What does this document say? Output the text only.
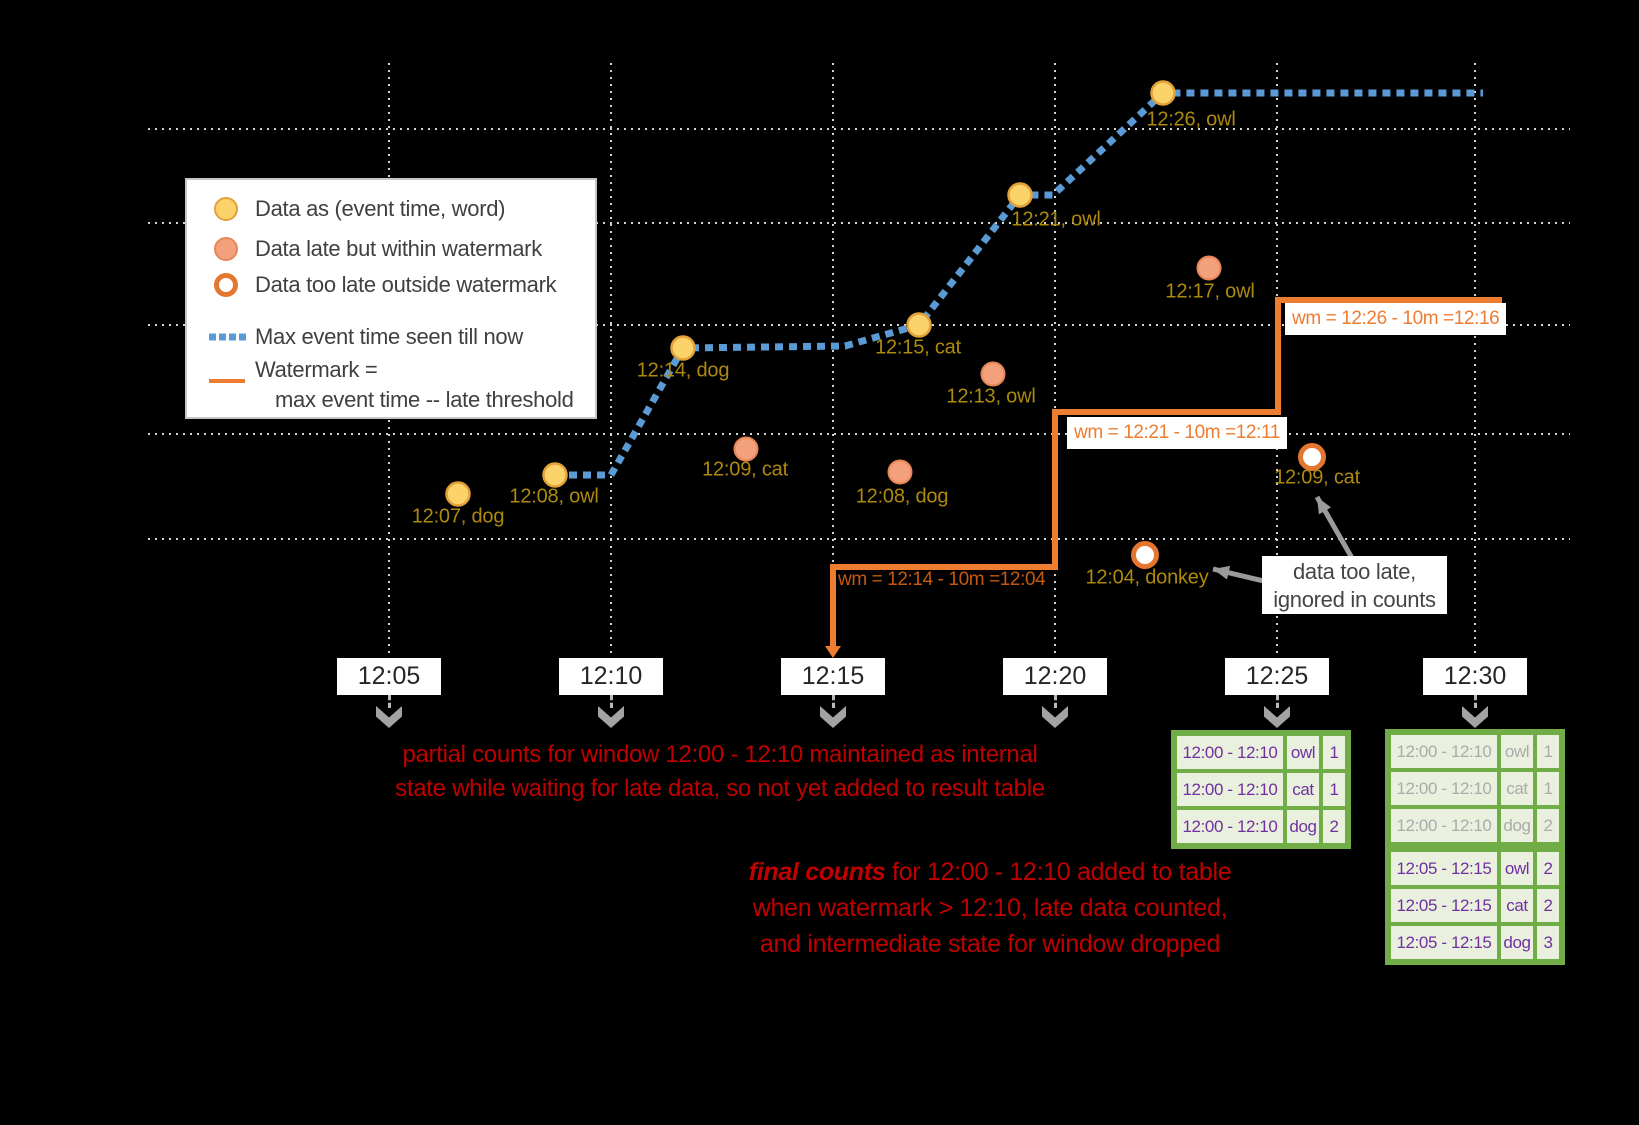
12:07, dog
12:08, owl
12:14, dog
12:15, cat
12:21, owl
12:26, owl
12:09, cat
12:08, dog
12:13, owl
12:17, owl
12:04, donkey
12:09, cat
Data as (event time, word)
Data late but within watermark
Data too late outside watermark
Max event time seen till now
Watermark =
max event time -- late threshold
wm = 12:14 - 10m =12:04
wm = 12:21 - 10m =12:11
wm = 12:26 - 10m =12:16
data too late,
ignored in counts
12:05	12:10	12:15	12:20	12:25	12:30
partial counts for window 12:00 - 12:10 maintained as internal
state while waiting for late data, so not yet added to result table
final counts for 12:00 - 12:10 added to table
when watermark > 12:10, late data counted,
and intermediate state for window dropped
12:00 - 12:10 owl 1
12:00 - 12:10 cat 1
12:00 - 12:10 dog 2
12:00 - 12:10 owl 1
12:00 - 12:10 cat 1
12:00 - 12:10 dog 2
12:05 - 12:15 owl 2
12:05 - 12:15 cat 2
12:05 - 12:15 dog 3
